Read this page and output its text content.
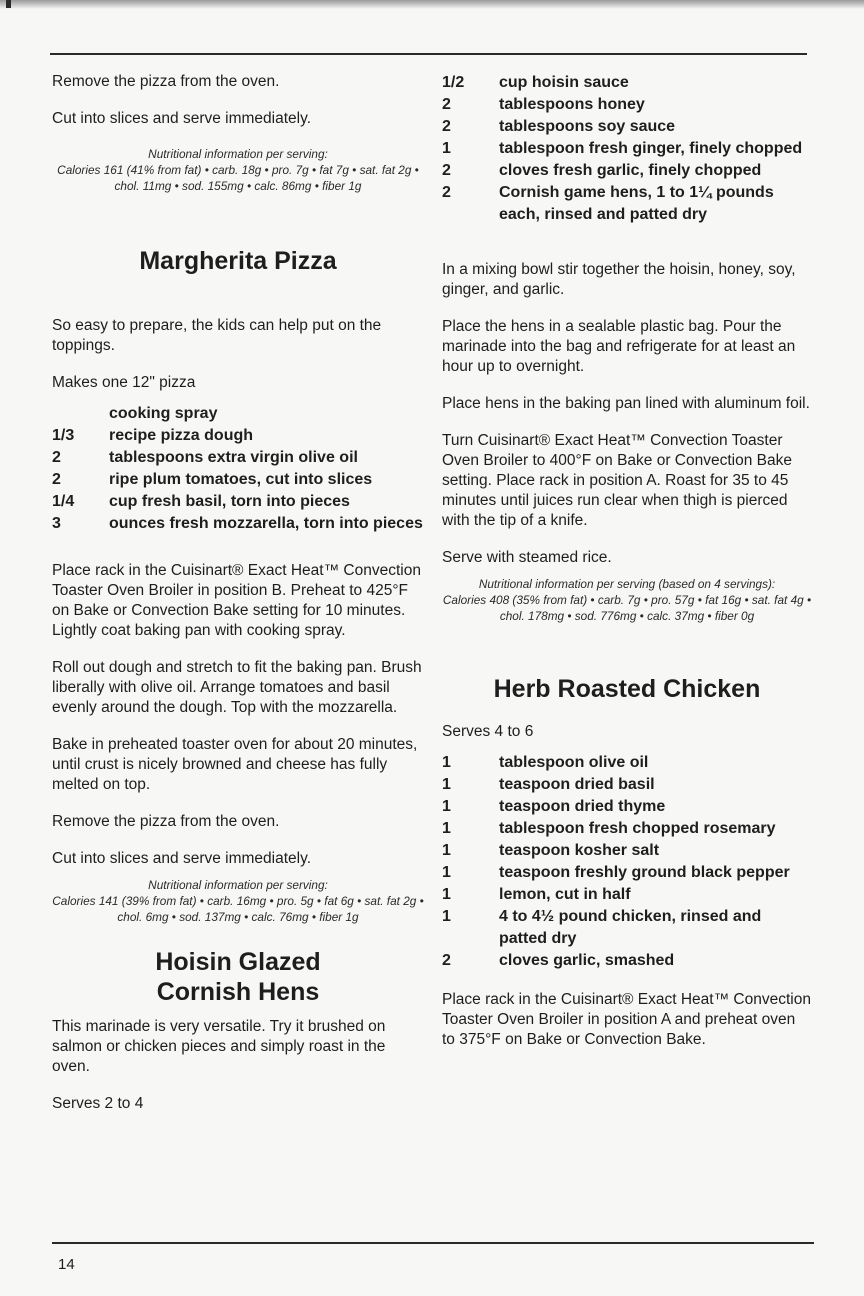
Remove the pizza from the oven.

Cut into slices and serve immediately.

Nutritional information per serving:
Calories 161 (41% from fat) • carb. 18g • pro. 7g • fat 7g • sat. fat 2g • chol. 11mg • sod. 155mg • calc. 86mg • fiber 1g
Margherita Pizza

So easy to prepare, the kids can help put on the toppings.

Makes one 12" pizza

cooking spray
1/3	recipe pizza dough
2	tablespoons extra virgin olive oil
2	ripe plum tomatoes, cut into slices
1/4	cup fresh basil, torn into pieces
3	ounces fresh mozzarella, torn into pieces

Place rack in the Cuisinart® Exact Heat™ Convection Toaster Oven Broiler in position B. Preheat to 425°F on Bake or Convection Bake setting for 10 minutes. Lightly coat baking pan with cooking spray.

Roll out dough and stretch to fit the baking pan. Brush liberally with olive oil. Arrange tomatoes and basil evenly around the dough. Top with the mozzarella.

Bake in preheated toaster oven for about 20 minutes, until crust is nicely browned and cheese has fully melted on top.

Remove the pizza from the oven.

Cut into slices and serve immediately.

Nutritional information per serving:
Calories 141 (39% from fat) • carb. 16mg • pro. 5g • fat 6g • sat. fat 2g • chol. 6mg • sod. 137mg • calc. 76mg • fiber 1g
Hoisin Glazed
Cornish Hens

This marinade is very versatile. Try it brushed on salmon or chicken pieces and simply roast in the oven.

Serves 2 to 4

1/2	cup hoisin sauce
2	tablespoons honey
2	tablespoons soy sauce
1	tablespoon fresh ginger, finely chopped
2	cloves fresh garlic, finely chopped
2	Cornish game hens, 1 to 1¼ pounds each, rinsed and patted dry

In a mixing bowl stir together the hoisin, honey, soy, ginger, and garlic.

Place the hens in a sealable plastic bag. Pour the marinade into the bag and refrigerate for at least an hour up to overnight.

Place hens in the baking pan lined with aluminum foil.

Turn Cuisinart® Exact Heat™ Convection Toaster Oven Broiler to 400°F on Bake or Convection Bake setting. Place rack in position A. Roast for 35 to 45 minutes until juices run clear when thigh is pierced with the tip of a knife.

Serve with steamed rice.

Nutritional information per serving (based on 4 servings):
Calories 408 (35% from fat) • carb. 7g • pro. 57g • fat 16g • sat. fat 4g • chol. 178mg • sod. 776mg • calc. 37mg • fiber 0g
Herb Roasted Chicken

Serves 4 to 6

1	tablespoon olive oil
1	teaspoon dried basil
1	teaspoon dried thyme
1	tablespoon fresh chopped rosemary
1	teaspoon kosher salt
1	teaspoon freshly ground black pepper
1	lemon, cut in half
1	4 to 4½ pound chicken, rinsed and patted dry
2	cloves garlic, smashed

Place rack in the Cuisinart® Exact Heat™ Convection Toaster Oven Broiler in position A and preheat oven to 375°F on Bake or Convection Bake.

14
